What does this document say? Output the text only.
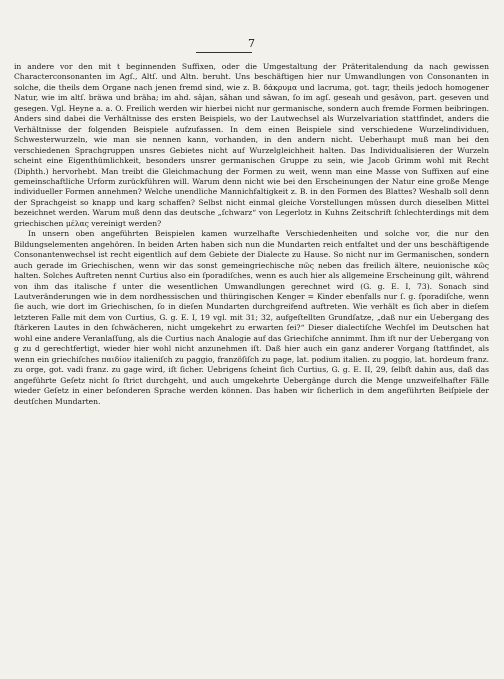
7

in andere vor den mit t beginnenden Suffixen, oder die Umgestaltung der Präteritalendung da nach gewissen Characterconsonanten im Agſ., Altſ. und Altn. beruht. Uns beschäftigen hier nur Umwandlungen von Consonanten in solche, die theils dem Organe nach jenen fremd sind, wie z. B. δάκρυμα und lacruma, got. tagr, theils jedoch homogener Natur, wie im altſ. bräwa und bräha; im ahd. sâjan, sâhan und sâwan, ſo im agſ. geseah und gesâvon, part. geseven und gesegen. Vgl. Heyne a. a. O. Freilich werden wir hierbei nicht nur germanische, sondern auch fremde Formen beibringen. Anders sind dabei die Verhältnisse des ersten Beispiels, wo der Lautwechsel als Wurzelvariation stattfindet, anders die Verhältnisse der folgenden Beispiele aufzufassen. In dem einen Beispiele sind verschiedene Wurzelindividuen, Schwesterwurzeln, wie man sie nennen kann, vorhanden, in den andern nicht. Ueberhaupt muß man bei den verschiedenen Sprachgruppen unsres Gebietes nicht auf Wurzelgleichheit halten. Das Individualisieren der Wurzeln scheint eine Eigenthümlichkeit, besonders unsrer germanischen Gruppe zu sein, wie Jacob Grimm wohl mit Recht (Diphth.) hervorhebt. Man treibt die Gleichmachung der Formen zu weit, wenn man eine Masse von Suffixen auf eine gemeinschaftliche Urform zurückführen will. Warum denn nicht wie bei den Erscheinungen der Natur eine große Menge individueller Formen annehmen? Welche unendliche Mannichfaltigkeit z. B. in den Formen des Blattes? Weshalb soll denn der Sprachgeist so knapp und karg schaffen? Selbst nicht einmal gleiche Vorstellungen müssen durch dieselben Mittel bezeichnet werden. Warum muß denn das deutsche „ſchwarz“ von Legerlotz in Kuhns Zeitschrift ſchlechterdings mit dem griechischen μέλας vereinigt werden?

In unsern oben angeführten Beispielen kamen wurzelhafte Verschiedenheiten und solche vor, die nur den Bildungselementen angehören. In beiden Arten haben sich nun die Mundarten reich entfaltet und der uns beschäftigende Consonantenwechsel ist recht eigentlich auf dem Gebiete der Dialecte zu Hause. So nicht nur im Germanischen, sondern auch gerade im Griechischen, wenn wir das sonst gemeingriechische πῶς neben das freilich ältere, neuionische κῶς halten. Solches Auftreten nennt Curtius also ein ſporadiſches, wenn es auch hier als allgemeine Erscheinung gilt, während von ihm das italische f unter die wesentlichen Umwandlungen gerechnet wird (G. g. E. I, 73). Sonach sind Lautveränderungen wie in dem nordhessischen und thüringischen Kenger = Kinder ebenfalls nur ſ. g. ſporadiſche, wenn ſie auch, wie dort im Griechischen, ſo in dieſen Mundarten durchgreifend auftreten. Wie verhält es ſich aber in dieſem letzteren Falle mit dem von Curtius, G. g. E. I, 19 vgl. mit 31; 32, aufgeſtellten Grundſatze, „daß nur ein Uebergang des ſtärkeren Lautes in den ſchwächeren, nicht umgekehrt zu erwarten ſei?“ Dieser dialectiſche Wechſel im Deutschen hat wohl eine andere Veranlaſſung, als die Curtius nach Analogie auf das Griechiſche annimmt. Ihm iſt nur der Uebergang von g zu d gerechtfertigt, wieder hier wohl nicht anzunehmen iſt. Daß hier auch ein ganz anderer Vorgang ſtattfindet, als wenn ein griechiſches παιδίον italieniſch zu paggio, franzöſiſch zu page, lat. podium italien. zu poggio, lat. hordeum franz. zu orge, got. vadi franz. zu gage wird, iſt ſicher. Uebrigens ſcheint ſich Curtius, G. g. E. II, 29, ſelbſt dahin aus, daß das angeführte Geſetz nicht ſo ſtrict durchgeht, und auch umgekehrte Uebergänge durch die Menge unzweifelhafter Fälle wieder Geſetz in einer beſonderen Sprache werden können. Das haben wir ſicherlich in dem angeführten Beiſpiele der deutſchen Mundarten.
